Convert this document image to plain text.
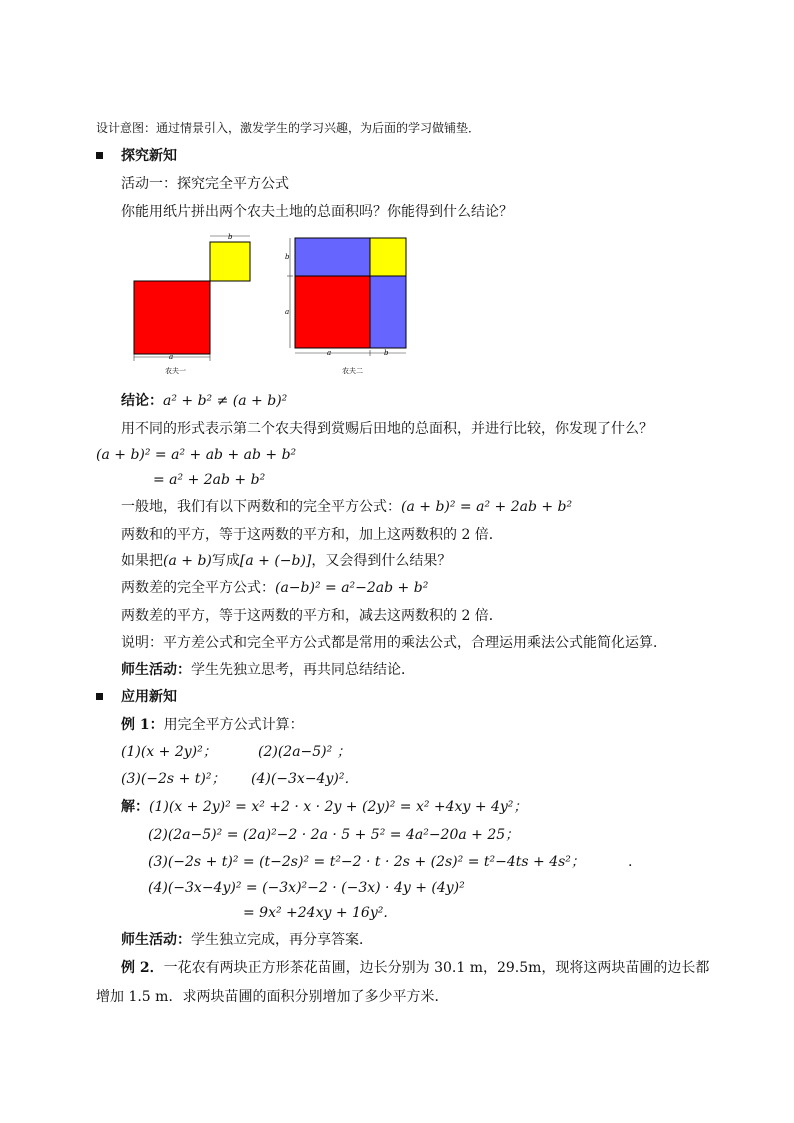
设计意图：通过情景引入，激发学生的学习兴趣，为后面的学习做铺垫．
探究新知
活动一：探究完全平方公式
你能用纸片拼出两个农夫土地的总面积吗？你能得到什么结论？
b
a
农夫一
b
a
a	b
农夫二
结论：a² + b² ≠ (a + b)²
用不同的形式表示第二个农夫得到赏赐后田地的总面积，并进行比较，你发现了什么？
(a + b)² = a² + ab + ab + b²
= a² + 2ab + b²
一般地，我们有以下两数和的完全平方公式：(a + b)² = a² + 2ab + b²
两数和的平方，等于这两数的平方和，加上这两数积的 2 倍．
如果把(a + b)写成[a + (−b)]，又会得到什么结果？
两数差的完全平方公式：(a−b)² = a²−2ab + b²
两数差的平方，等于这两数的平方和，减去这两数积的 2 倍．
说明：平方差公式和完全平方公式都是常用的乘法公式，合理运用乘法公式能简化运算．
师生活动：学生先独立思考，再共同总结结论．
应用新知
例 1：用完全平方公式计算：
(1)(x + 2y)²；	(2)(2a−5)² ；
(3)(−2s + t)²； (4)(−3x−4y)²．
解：(1)(x + 2y)² = x² +2 · x · 2y + (2y)² = x² +4xy + 4y²；
(2)(2a−5)² = (2a)²−2 · 2a · 5 + 5² = 4a²−20a + 25；
(3)(−2s + t)² = (t−2s)² = t²−2 · t · 2s + (2s)² = t²−4ts + 4s²；	.
(4)(−3x−4y)² = (−3x)²−2 · (−3x) · 4y + (4y)²
= 9x² +24xy + 16y².
师生活动：学生独立完成，再分享答案．
例 2．一花农有两块正方形茶花苗圃，边长分别为 30.1 m，29.5m，现将这两块苗圃的边长都
增加 1.5 m．求两块苗圃的面积分别增加了多少平方米．
